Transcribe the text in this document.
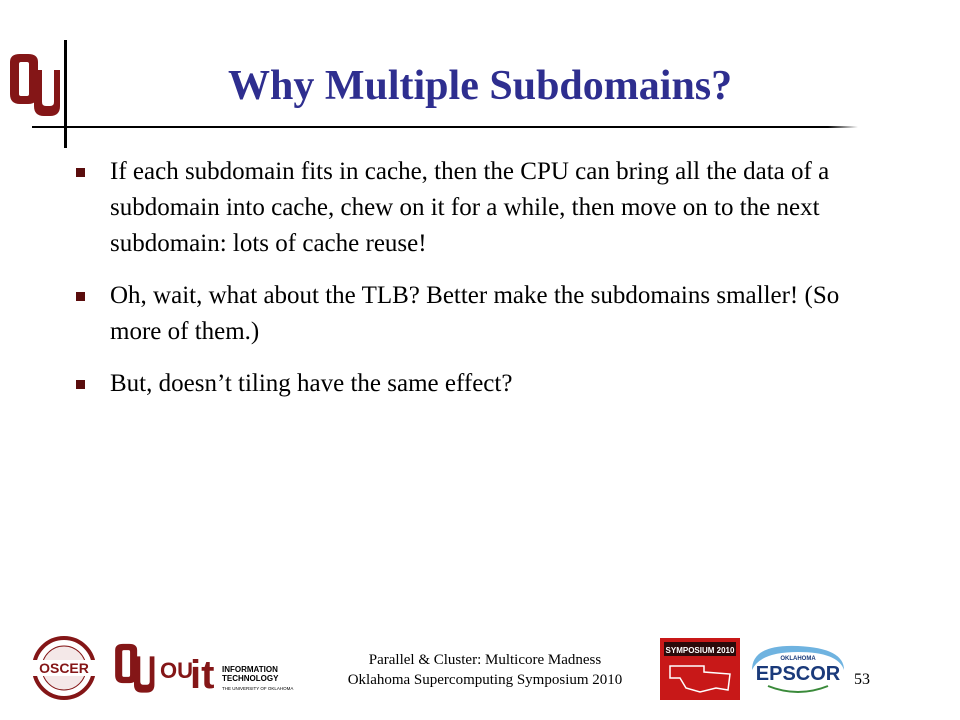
Why Multiple Subdomains?
If each subdomain fits in cache, then the CPU can bring all the data of a subdomain into cache, chew on it for a while, then move on to the next subdomain: lots of cache reuse!
Oh, wait, what about the TLB? Better make the subdomains smaller! (So more of them.)
But, doesn’t tiling have the same effect?
OSCER	OU
it INFORMATION
TECHNOLOGY
THE UNIVERSITY OF OKLAHOMA
Parallel & Cluster: Multicore Madness
Oklahoma Supercomputing Symposium 2010
SYMPOSIUM 2010
OKLAHOMA
EPSCOR 53
